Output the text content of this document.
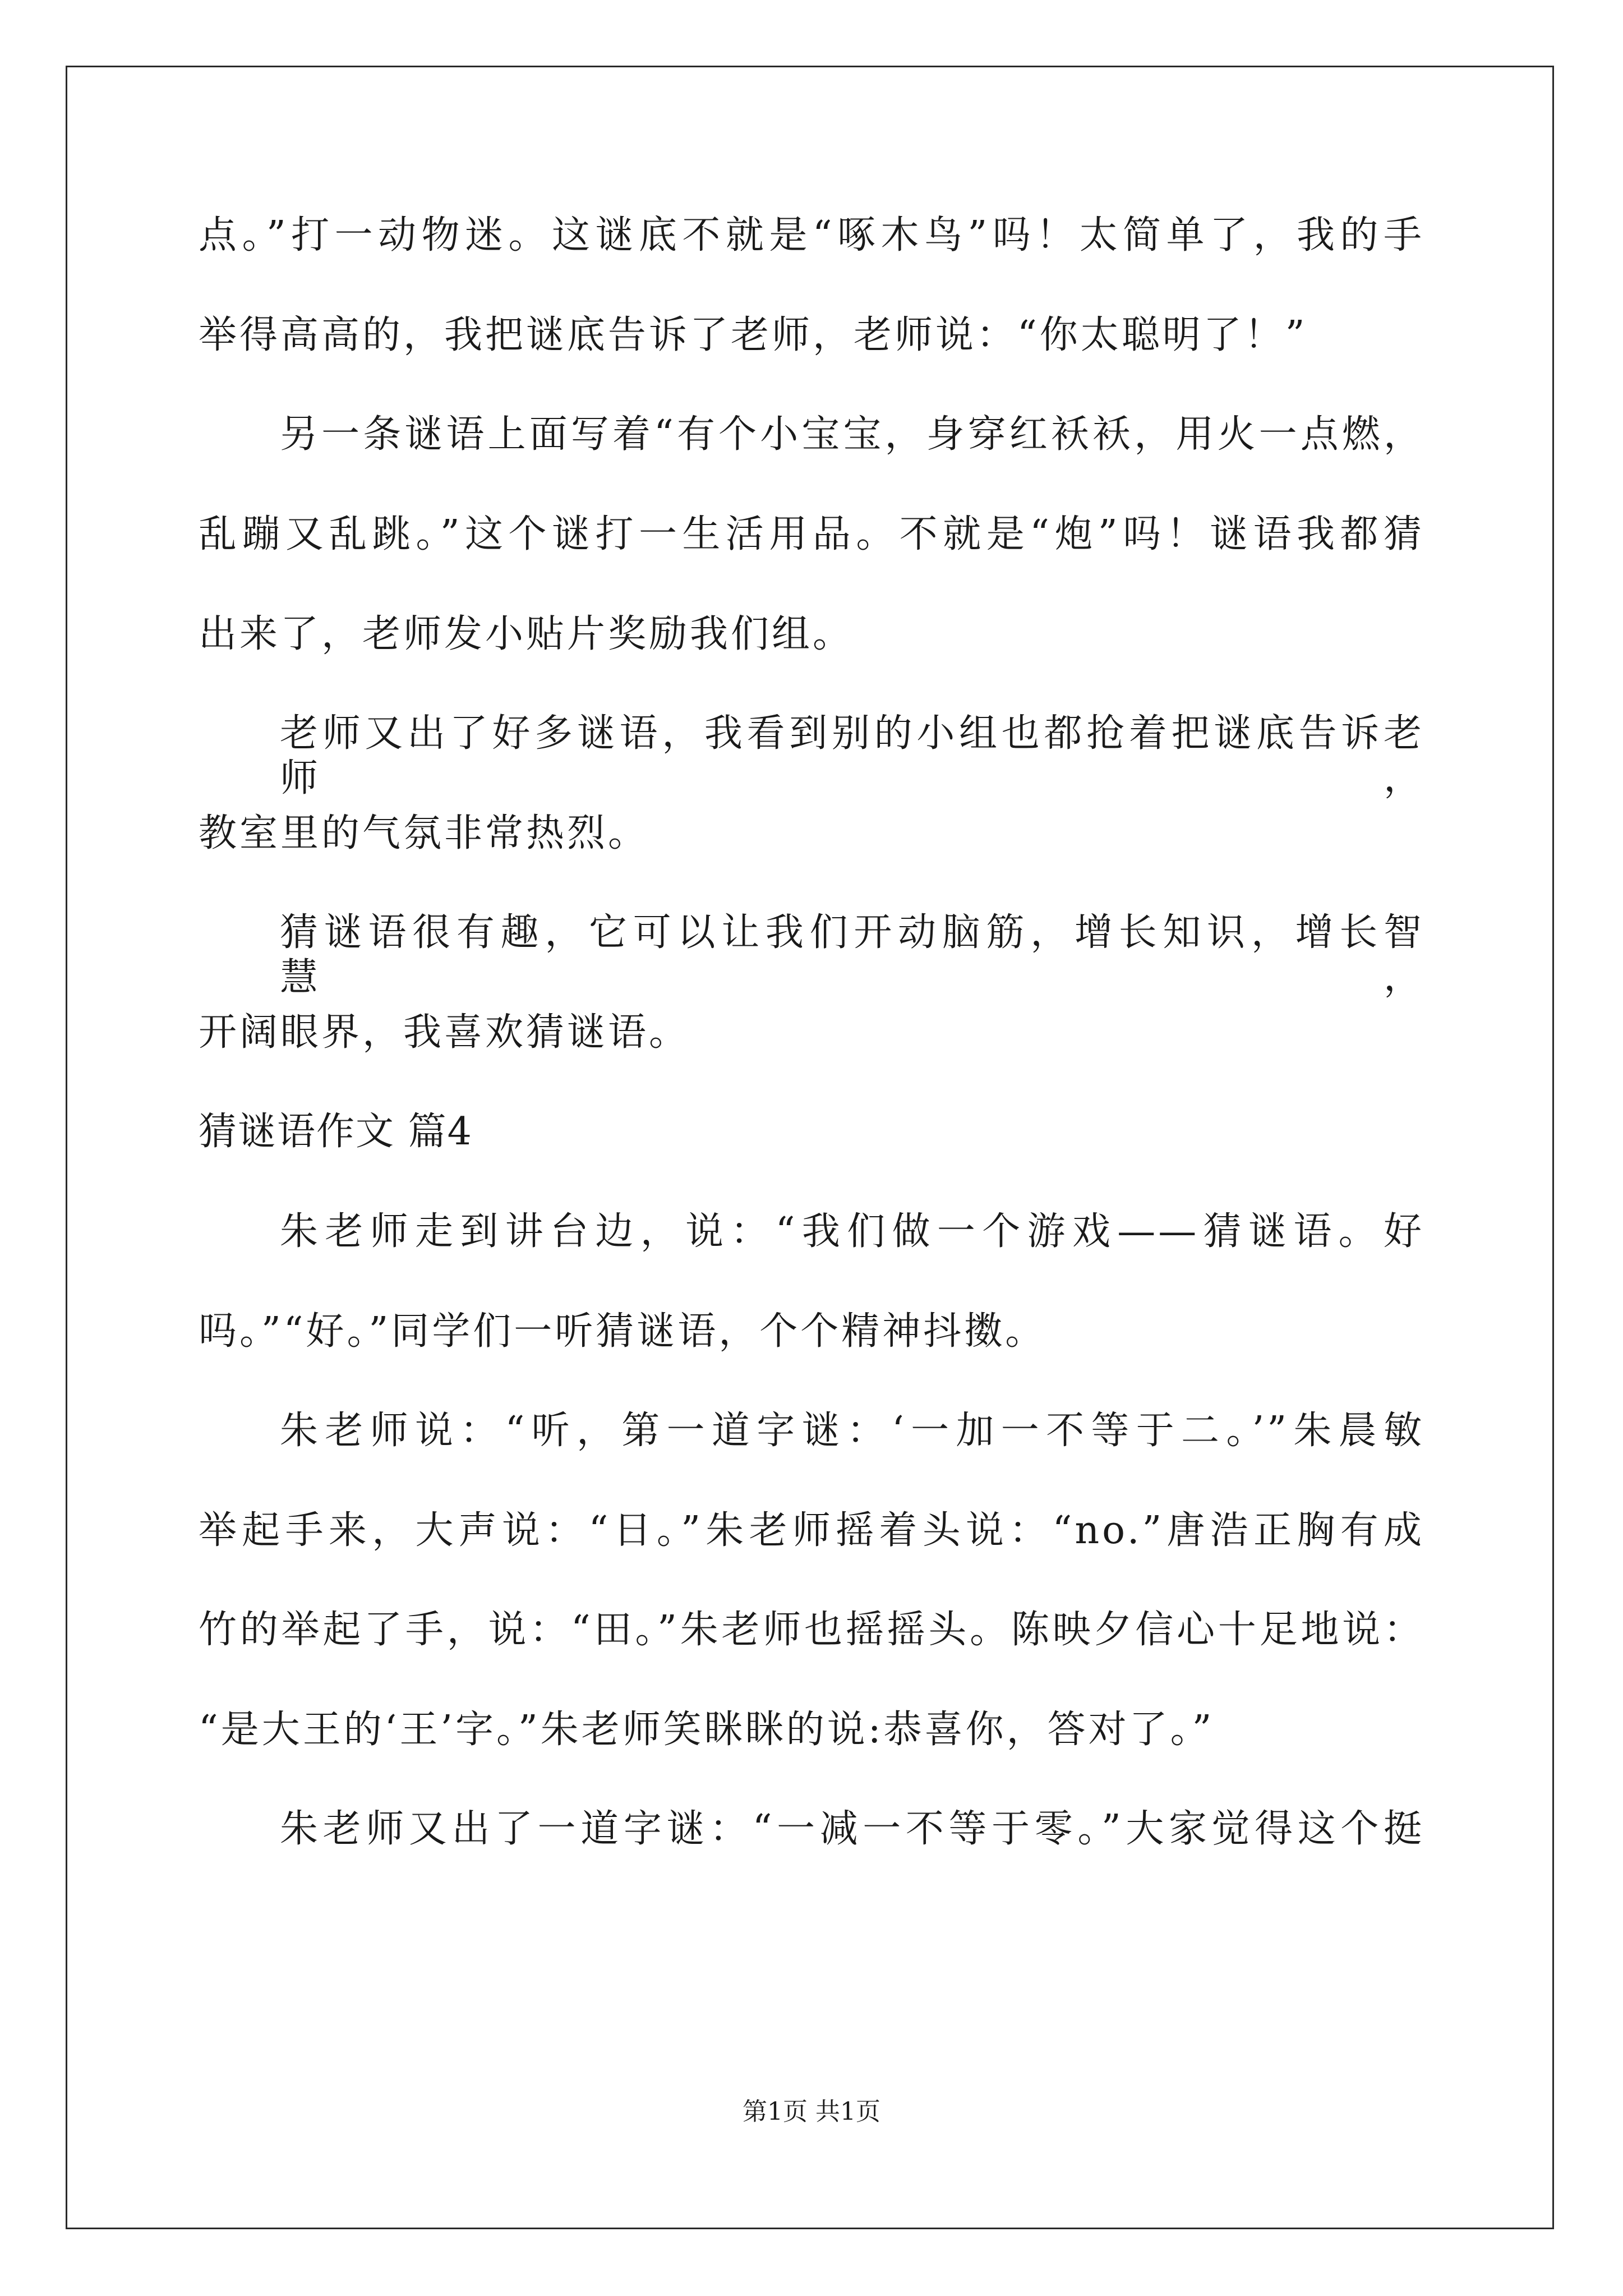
点。”打一动物迷。这谜底不就是“啄木鸟”吗！太简单了，我的手
举得高高的，我把谜底告诉了老师，老师说：“你太聪明了！”
另一条谜语上面写着“有个小宝宝，身穿红袄袄，用火一点燃，
乱蹦又乱跳。”这个谜打一生活用品。不就是“炮”吗！谜语我都猜
出来了，老师发小贴片奖励我们组。
老师又出了好多谜语，我看到别的小组也都抢着把谜底告诉老师，
教室里的气氛非常热烈。
猜谜语很有趣，它可以让我们开动脑筋，增长知识，增长智慧，
开阔眼界，我喜欢猜谜语。
猜谜语作文 篇4
朱老师走到讲台边，说：“我们做一个游戏——猜谜语。好
吗。”“好。”同学们一听猜谜语，个个精神抖擞。
朱老师说：“听，第一道字谜：‘一加一不等于二。’”朱晨敏
举起手来，大声说：“日。”朱老师摇着头说：“no.”唐浩正胸有成
竹的举起了手，说：“田。”朱老师也摇摇头。陈映夕信心十足地说：
“是大王的‘王’字。”朱老师笑眯眯的说:恭喜你，答对了。”
朱老师又出了一道字谜：“一减一不等于零。”大家觉得这个挺
第1页 共1页
